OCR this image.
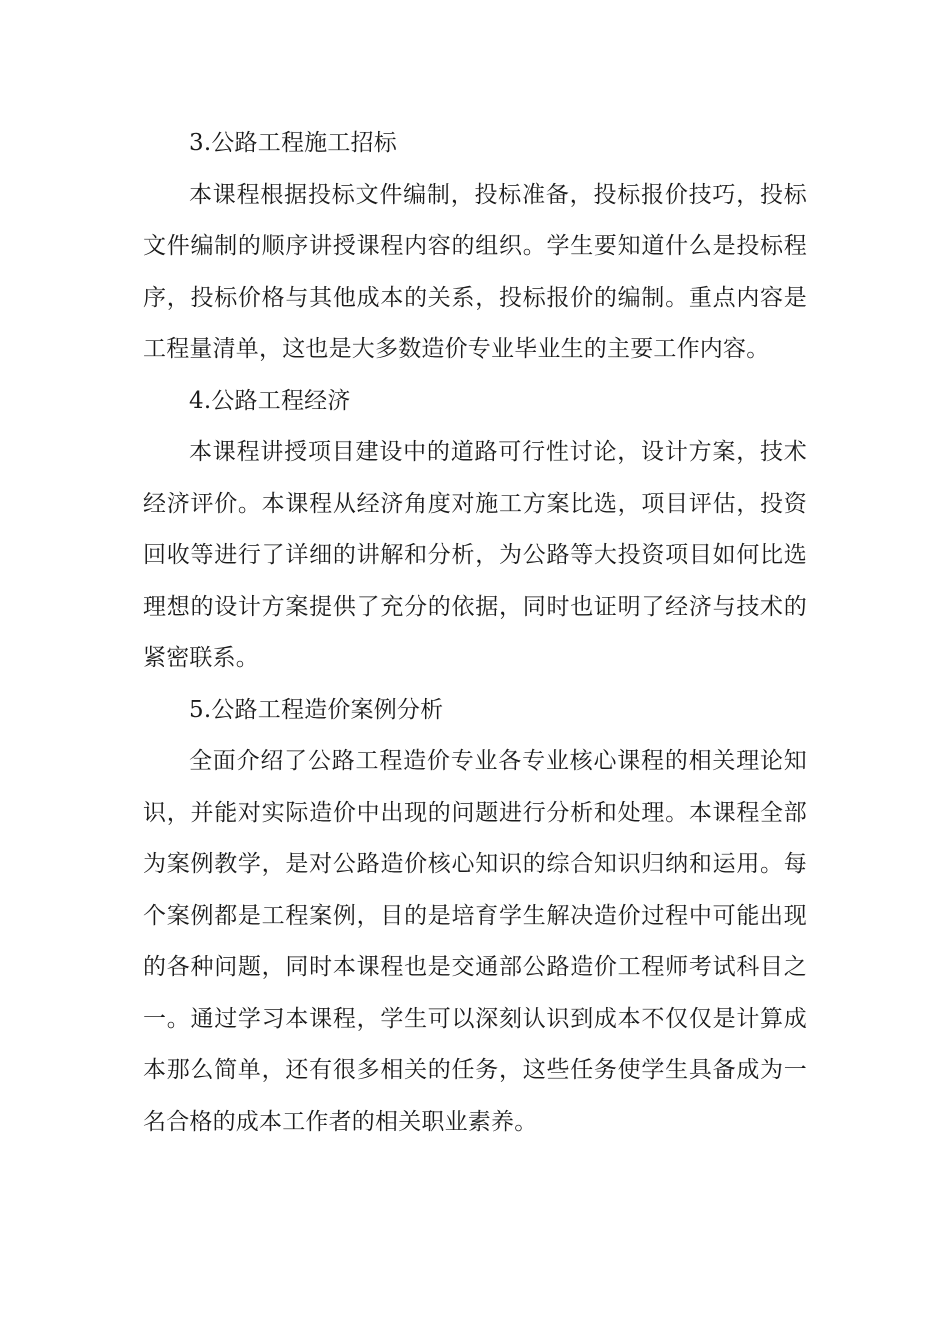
3.公路工程施工招标

本课程根据投标文件编制，投标准备，投标报价技巧，投标文件编制的顺序讲授课程内容的组织。学生要知道什么是投标程序，投标价格与其他成本的关系，投标报价的编制。重点内容是工程量清单，这也是大多数造价专业毕业生的主要工作内容。

4.公路工程经济

本课程讲授项目建设中的道路可行性讨论，设计方案，技术经济评价。本课程从经济角度对施工方案比选，项目评估，投资回收等进行了详细的讲解和分析，为公路等大投资项目如何比选理想的设计方案提供了充分的依据，同时也证明了经济与技术的紧密联系。

5.公路工程造价案例分析

全面介绍了公路工程造价专业各专业核心课程的相关理论知识，并能对实际造价中出现的问题进行分析和处理。本课程全部为案例教学，是对公路造价核心知识的综合知识归纳和运用。每个案例都是工程案例，目的是培育学生解决造价过程中可能出现的各种问题，同时本课程也是交通部公路造价工程师考试科目之一。通过学习本课程，学生可以深刻认识到成本不仅仅是计算成本那么简单，还有很多相关的任务，这些任务使学生具备成为一名合格的成本工作者的相关职业素养。
